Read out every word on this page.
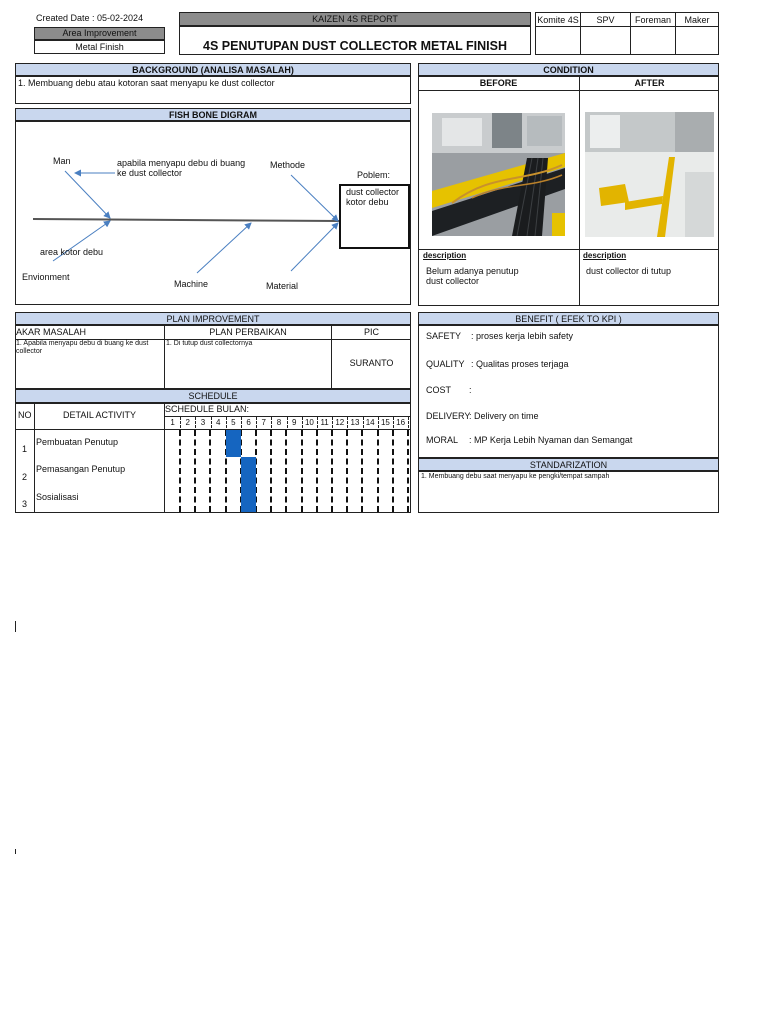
Created Date : 05-02-2024
Area Improvement
Metal Finish
KAIZEN 4S REPORT
4S PENUTUPAN DUST COLLECTOR METAL FINISH
Komite 4S	SPV	Foreman	Maker

BACKGROUND (ANALISA MASALAH)
1. Membuang debu atau kotoran saat menyapu ke dust collector
FISH BONE DIGRAM
Man	apabila menyapu debu di buang ke dust collector
Methode
Poblem:
dust collector kotor debu
area kotor debu
Envionment
Machine	Material
CONDITION
BEFORE	AFTER
description	description
Belum adanya penutup dust collector
dust collector di tutup
PLAN IMPROVEMENT
AKAR MASALAH	PLAN PERBAIKAN	PIC
1. Apabila menyapu debu di buang ke dust collector
1. Di tutup dust collectornya
SURANTO
SCHEDULE
NO	DETAIL ACTIVITY
SCHEDULE BULAN:
1	2	3	4	5	6	7	8	9	10 11 12 13 14 15 16
1
Pembuatan Penutup
2
Pemasangan Penutup
3
Sosialisasi
BENEFIT ( EFEK TO KPI )
SAFETY : proses kerja lebih safety
QUALITY : Qualitas proses terjaga
COST :
DELIVERY
: Delivery on time
MORAL : MP Kerja Lebih Nyaman dan Semangat
STANDARIZATION
1. Membuang debu saat menyapu ke pengki/tempat sampah
